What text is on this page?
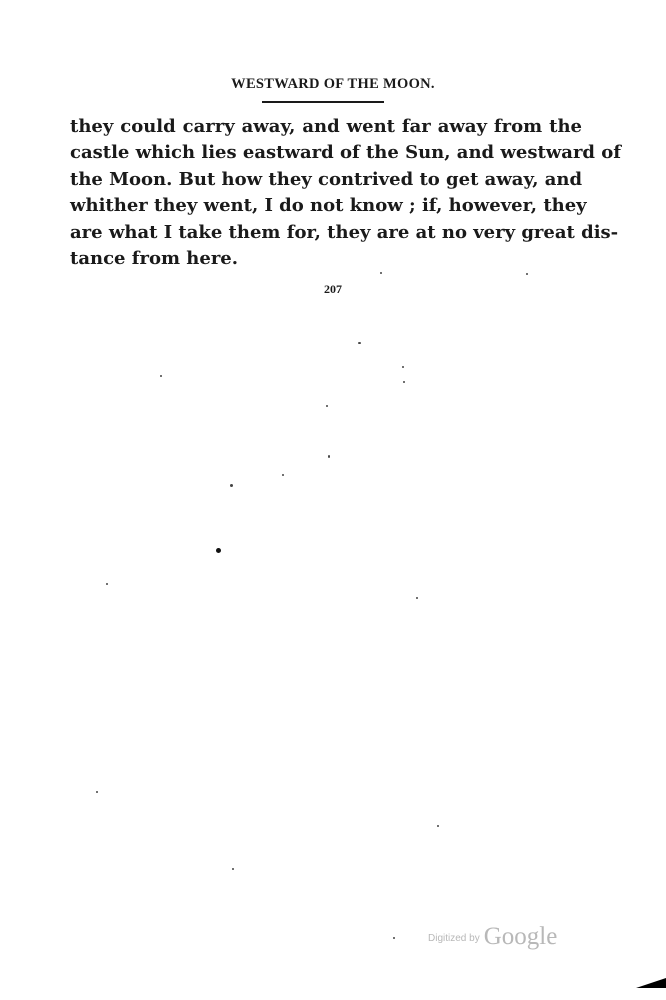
WESTWARD OF THE MOON.
they could carry away, and went far away from the
castle which lies eastward of the Sun, and westward of
the Moon. But how they contrived to get away, and
whither they went, I do not know ; if, however, they
are what I take them for, they are at no very great dis-
tance from here.
207
Digitized by Google
